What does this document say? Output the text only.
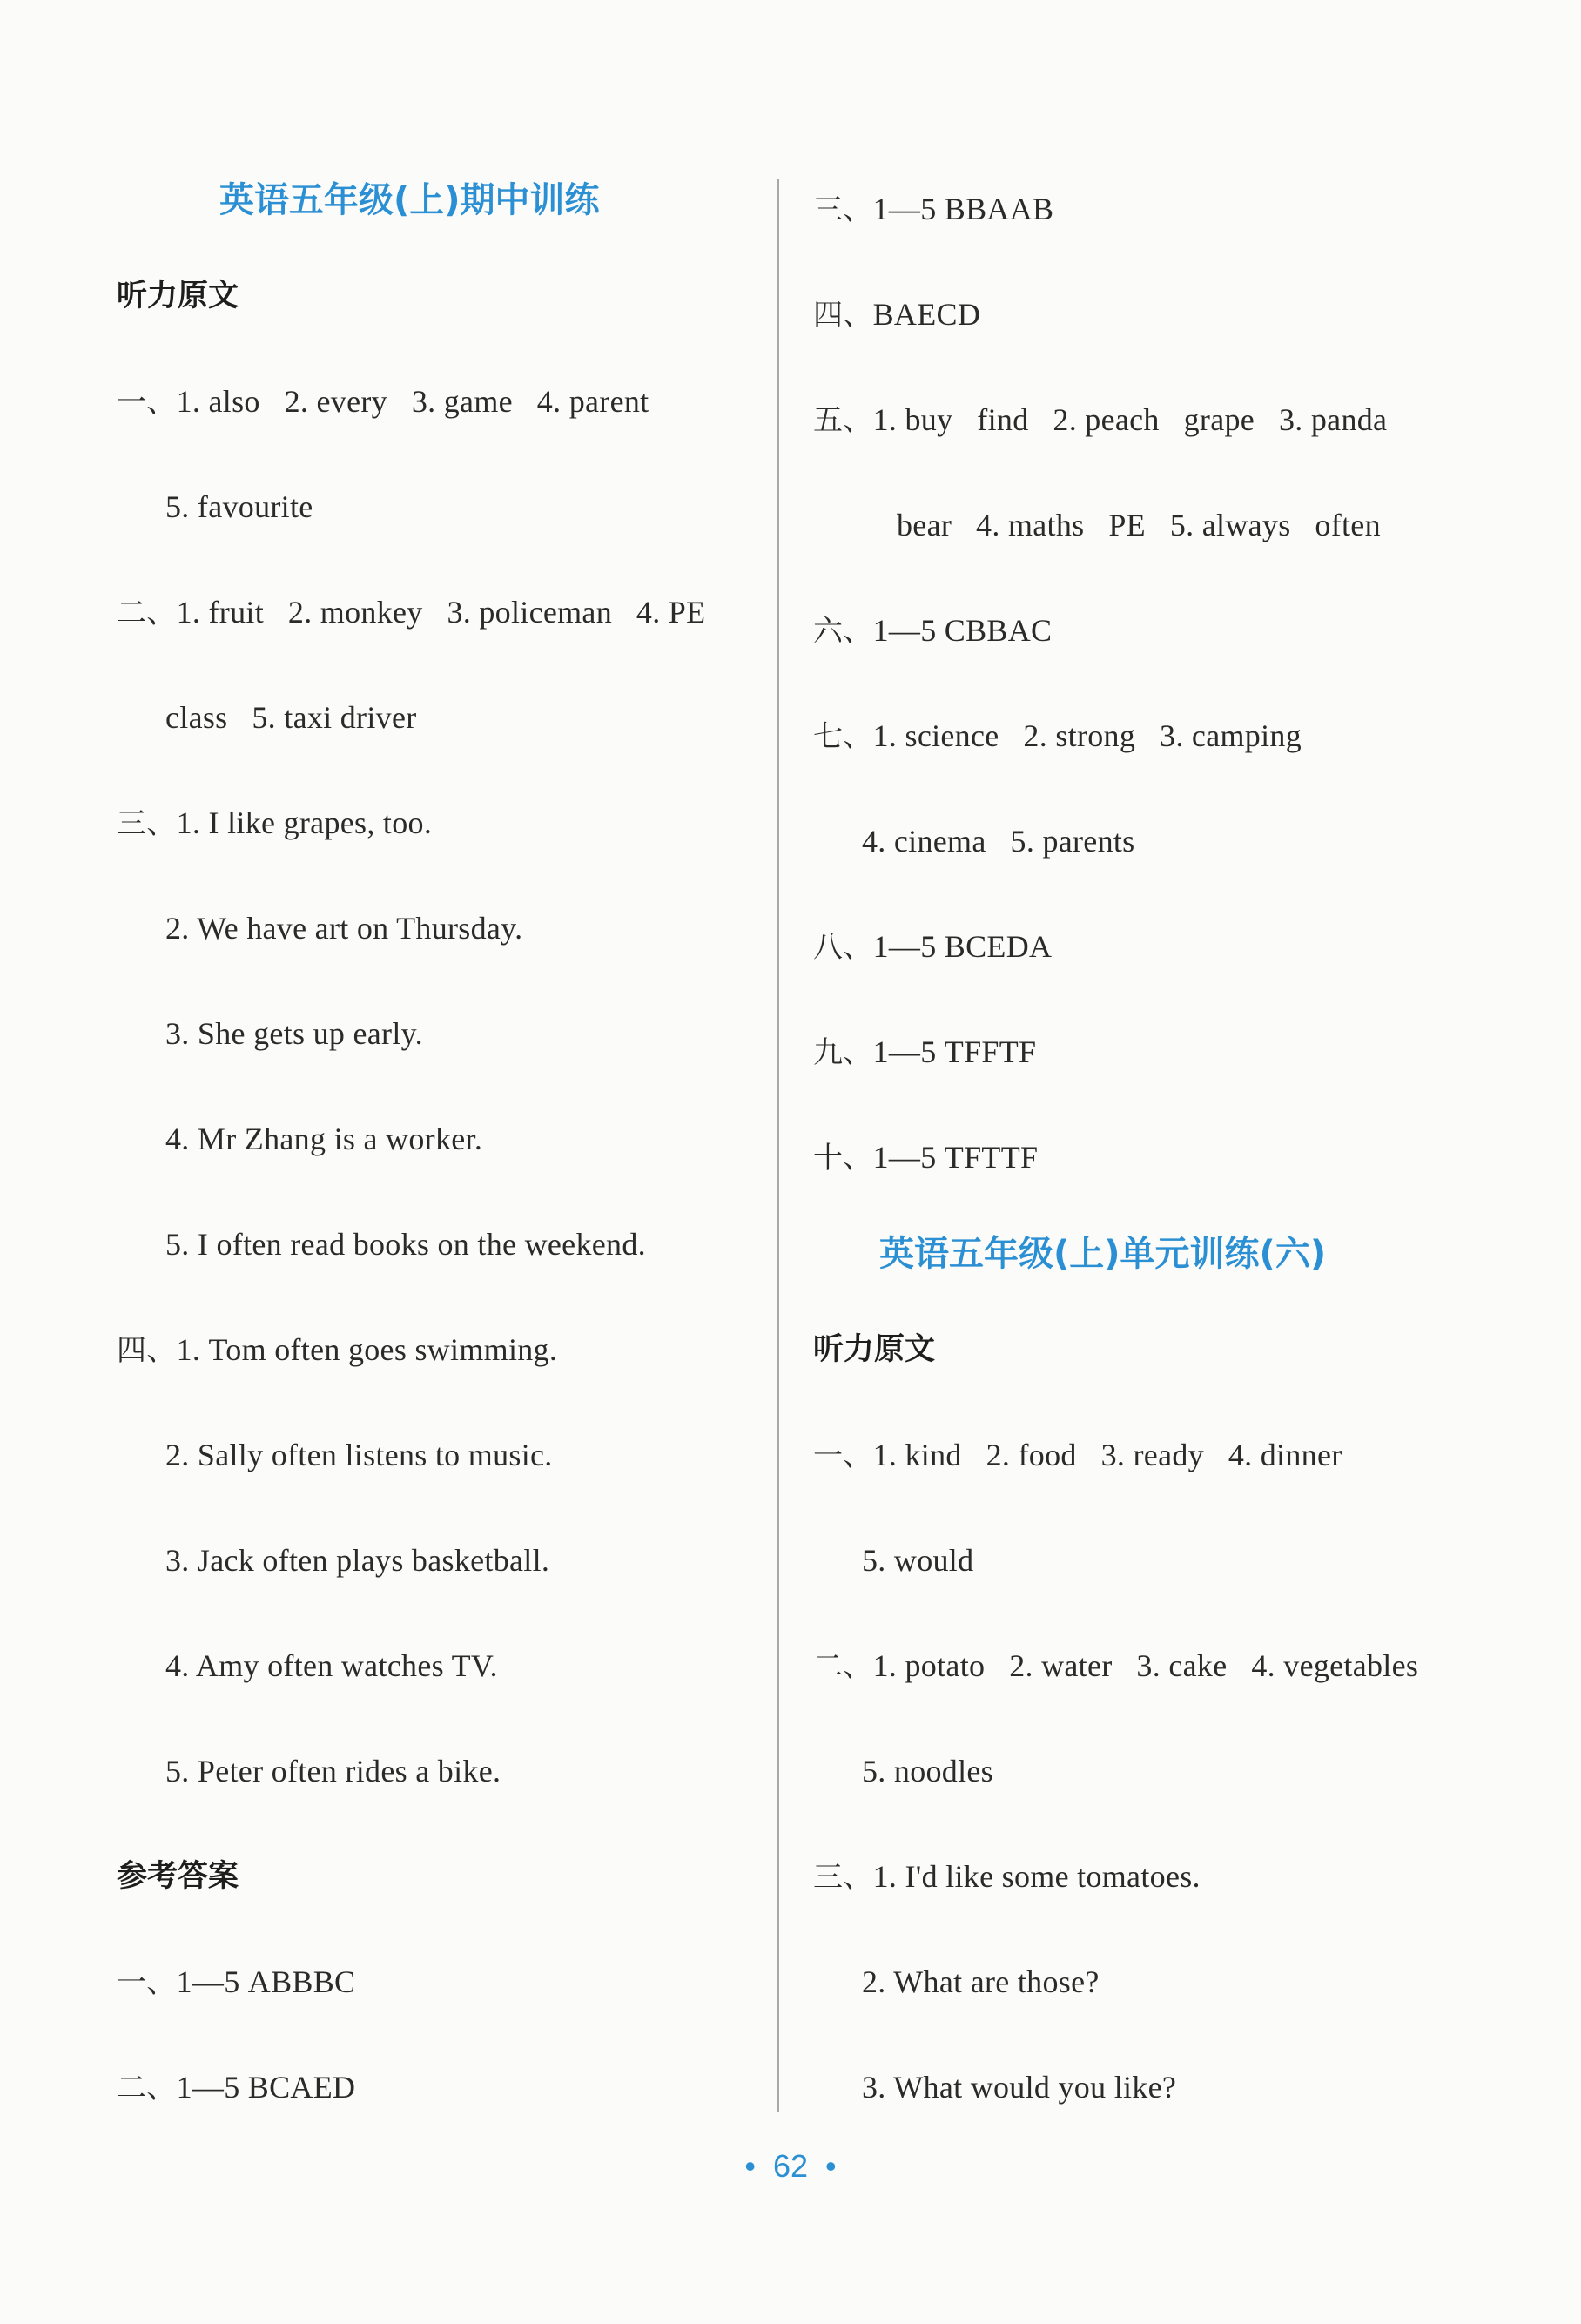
英语五年级(上)期中训练
听力原文
一、1. also   2. every   3. game   4. parent
5. favourite
二、1. fruit   2. monkey   3. policeman   4. PE
class   5. taxi driver
三、1. I like grapes, too.
2. We have art on Thursday.
3. She gets up early.
4. Mr Zhang is a worker.
5. I often read books on the weekend.
四、1. Tom often goes swimming.
2. Sally often listens to music.
3. Jack often plays basketball.
4. Amy often watches TV.
5. Peter often rides a bike.
参考答案
一、1—5 ABBBC
二、1—5 BCAED
三、1—5 BBAAB
四、BAECD
五、1. buy   find   2. peach   grape   3. panda
bear   4. maths   PE   5. always   often
六、1—5 CBBAC
七、1. science   2. strong   3. camping
4. cinema   5. parents
八、1—5 BCEDA
九、1—5 TFFTF
十、1—5 TFTTF
英语五年级(上)单元训练(六)
听力原文
一、1. kind   2. food   3. ready   4. dinner
5. would
二、1. potato   2. water   3. cake   4. vegetables
5. noodles
三、1. I'd like some tomatoes.
2. What are those?
3. What would you like?
•  62  •
